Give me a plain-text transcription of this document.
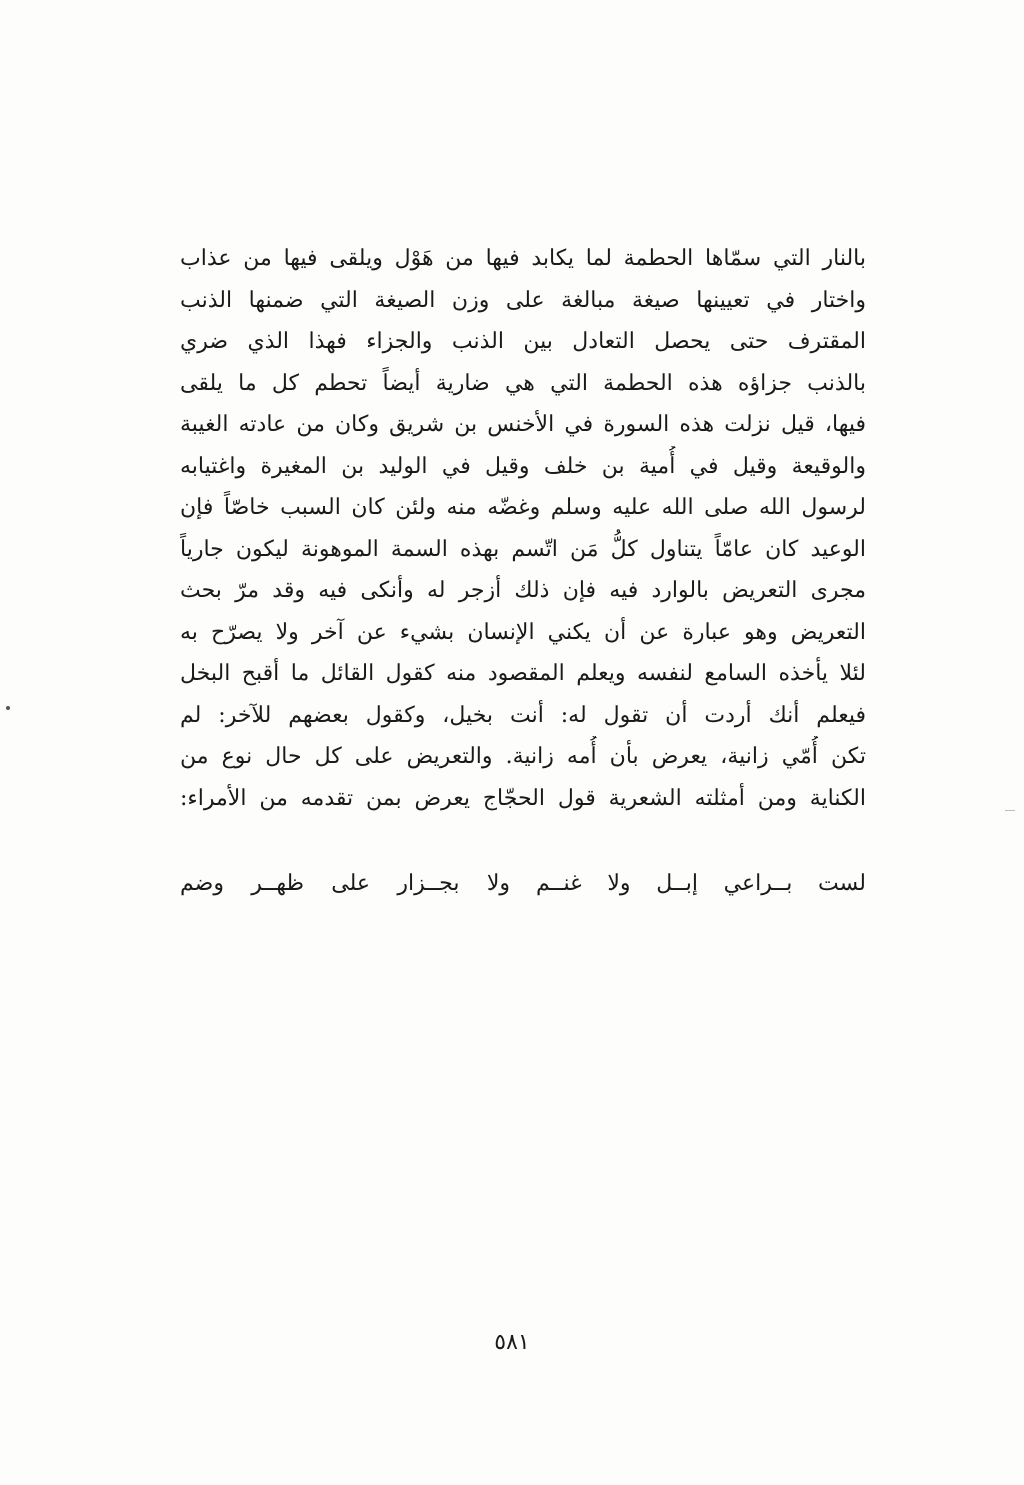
بالنار التي سمّاها الحطمة لما يكابد فيها من هَوْل ويلقى فيها من عذاب
واختار في تعيينها صيغة مبالغة على وزن الصيغة التي ضمنها الذنب
المقترف حتى يحصل التعادل بين الذنب والجزاء فهذا الذي ضري
بالذنب جزاؤه هذه الحطمة التي هي ضارية أيضاً تحطم كل ما يلقى
فيها، قيل نزلت هذه السورة في الأخنس بن شريق وكان من عادته الغيبة
والوقيعة وقيل في أُمية بن خلف وقيل في الوليد بن المغيرة واغتيابه
لرسول الله صلى الله عليه وسلم وغضّه منه ولئن كان السبب خاصّاً فإن
الوعيد كان عامّاً يتناول كلُّ مَن اتّسم بهذه السمة الموهونة ليكون جارياً
مجرى التعريض بالوارد فيه فإن ذلك أزجر له وأنكى فيه وقد مرّ بحث
التعريض وهو عبارة عن أن يكني الإنسان بشيء عن آخر ولا يصرّح به
لئلا يأخذه السامع لنفسه ويعلم المقصود منه كقول القائل ما أقبح البخل
فيعلم أنك أردت أن تقول له: أنت بخيل، وكقول بعضهم للآخر: لم
تكن أُمّي زانية، يعرض بأن أُمه زانية. والتعريض على كل حال نوع من
الكناية ومن أمثلته الشعرية قول الحجّاج يعرض بمن تقدمه من الأمراء:
لست بــراعي إبــل ولا غنــم
ولا بجــزار على ظهــر وضم
٥٨١
